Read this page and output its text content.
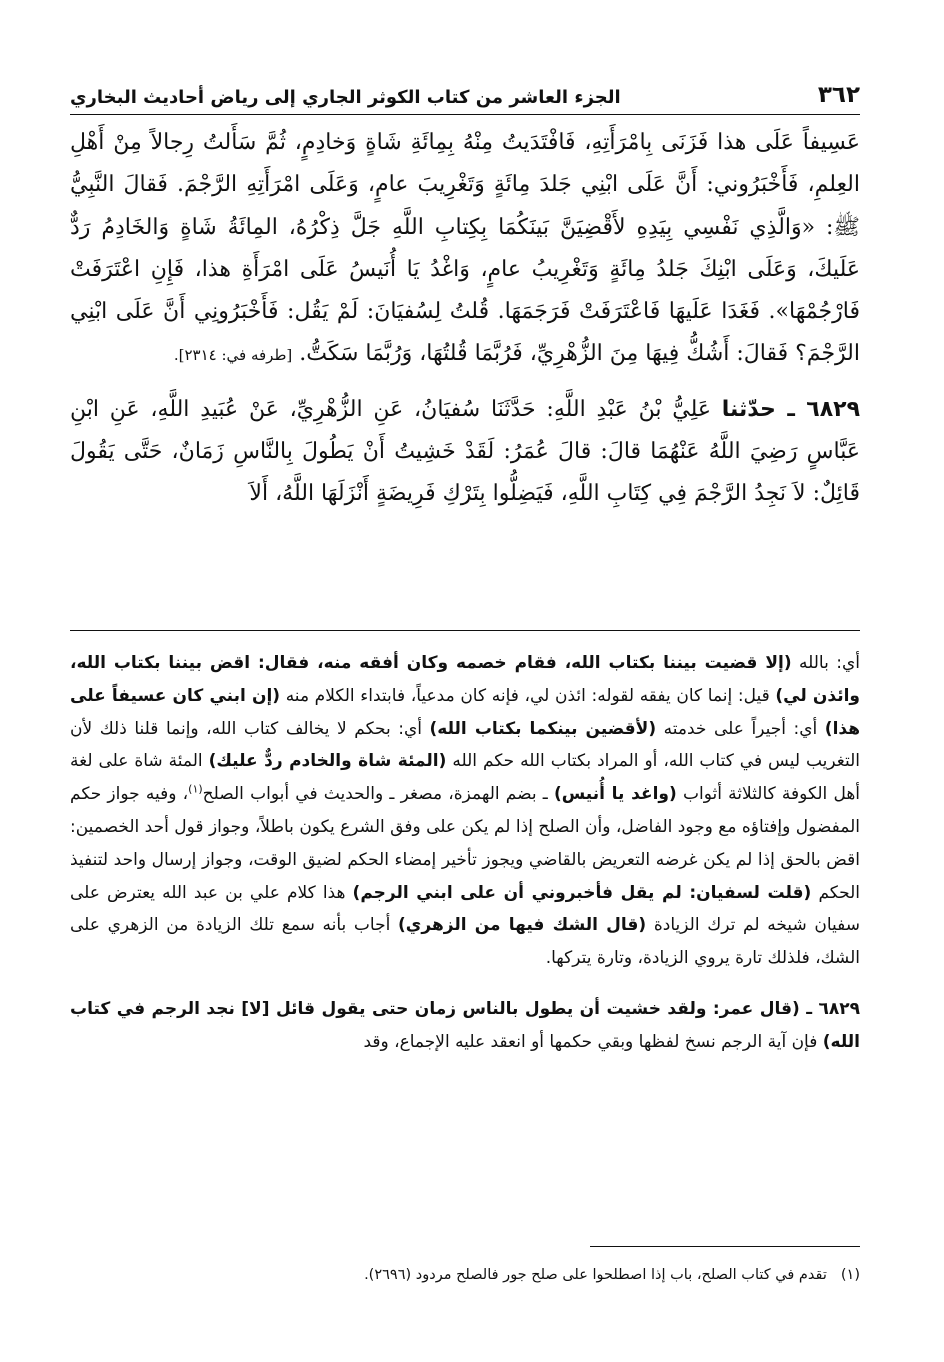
٣٦٢
الجزء العاشر من كتاب الكوثر الجاري إلى رياض أحاديث البخاري

عَسِيفاً عَلَى هذا فَزَنَى بِامْرَأَتِهِ، فَافْتَدَيتُ مِنْهُ بِمِائَةِ شَاةٍ وَخادِمٍ، ثُمَّ سَأَلتُ رِجالاً مِنْ أَهْلِ العِلمِ، فَأَخْبَرُوني: أَنَّ عَلَى ابْنِي جَلدَ مِائَةٍ وَتَغْرِيبَ عامٍ، وَعَلَى امْرَأَتِهِ الرَّجْمَ. فَقالَ النَّبِيُّ ﷺ: «وَالَّذِي نَفْسِي بِيَدِهِ لأَقْضِيَنَّ بَينَكُمَا بِكِتابِ اللَّهِ جَلَّ ذِكْرُهُ، المِائَةُ شَاةٍ وَالخَادِمُ رَدٌّ عَلَيكَ، وَعَلَى ابْنِكَ جَلدُ مِائَةٍ وَتَغْرِيبُ عامٍ، وَاغْدُ يَا أُنَيسُ عَلَى امْرَأَةِ هذا، فَإِنِ اعْتَرَفَتْ فَارْجُمْهَا». فَغَدَا عَلَيهَا فَاعْتَرَفَتْ فَرَجَمَهَا. قُلتُ لِسُفيَانَ: لَمْ يَقُل: فَأَخْبَرُونِي أَنَّ عَلَى ابْنِي الرَّجْمَ؟ فَقالَ: أَشُكُّ فِيهَا مِنَ الزُّهْرِيِّ، فَرُبَّمَا قُلتُهَا، وَرُبَّمَا سَكَتُّ. [طرفه في: ٢٣١٤].

٦٨٢٩ ـ حدّثنا عَلِيُّ بْنُ عَبْدِ اللَّهِ: حَدَّثَنَا سُفيَانُ، عَنِ الزُّهْرِيِّ، عَنْ عُبَيدِ اللَّهِ، عَنِ ابْنِ عَبَّاسٍ رَضِيَ اللَّهُ عَنْهُمَا قالَ: قالَ عُمَرُ: لَقَدْ خَشِيتُ أَنْ يَطُولَ بِالنَّاسِ زَمَانٌ، حَتَّى يَقُولَ قَائِلٌ: لاَ نَجِدُ الرَّجْمَ فِي كِتَابِ اللَّهِ، فَيَضِلُّوا بِتَرْكِ فَرِيضَةٍ أَنْزَلَهَا اللَّهُ، أَلاَ

أي: بالله (إلا قضيت بيننا بكتاب الله، فقام خصمه وكان أفقه منه، فقال: اقض بيننا بكتاب الله، وائذن لي) قيل: إنما كان يفقه لقوله: ائذن لي، فإنه كان مدعياً، فابتداء الكلام منه (إن ابني كان عسيفاً على هذا) أي: أجيراً على خدمته (لأقضين بينكما بكتاب الله) أي: بحكم لا يخالف كتاب الله، وإنما قلنا ذلك لأن التغريب ليس في كتاب الله، أو المراد بكتاب الله حكم الله (المئة شاة والخادم ردٌّ عليك) المئة شاة على لغة أهل الكوفة كالثلاثة أثواب (واغد يا أُنيس) ـ بضم الهمزة، مصغر ـ والحديث في أبواب الصلح$^{(١)}$، وفيه جواز حكم المفضول وإفتاؤه مع وجود الفاضل، وأن الصلح إذا لم يكن على وفق الشرع يكون باطلاً، وجواز قول أحد الخصمين: اقض بالحق إذا لم يكن غرضه التعريض بالقاضي ويجوز تأخير إمضاء الحكم لضيق الوقت، وجواز إرسال واحد لتنفيذ الحكم (قلت لسفيان: لم يقل فأخبروني أن على ابني الرجم) هذا كلام علي بن عبد الله يعترض على سفيان شيخه لم ترك الزيادة (قال الشك فيها من الزهري) أجاب بأنه سمع تلك الزيادة من الزهري على الشك، فلذلك تارة يروي الزيادة، وتارة يتركها.

٦٨٢٩ ـ (قال عمر: ولقد خشيت أن يطول بالناس زمان حتى يقول قائل [لا] نجد الرجم في كتاب الله) فإن آية الرجم نسخ لفظها وبقي حكمها أو انعقد عليه الإجماع، وقد

(١)تقدم في كتاب الصلح، باب إذا اصطلحوا على صلح جور فالصلح مردود (٢٦٩٦).
